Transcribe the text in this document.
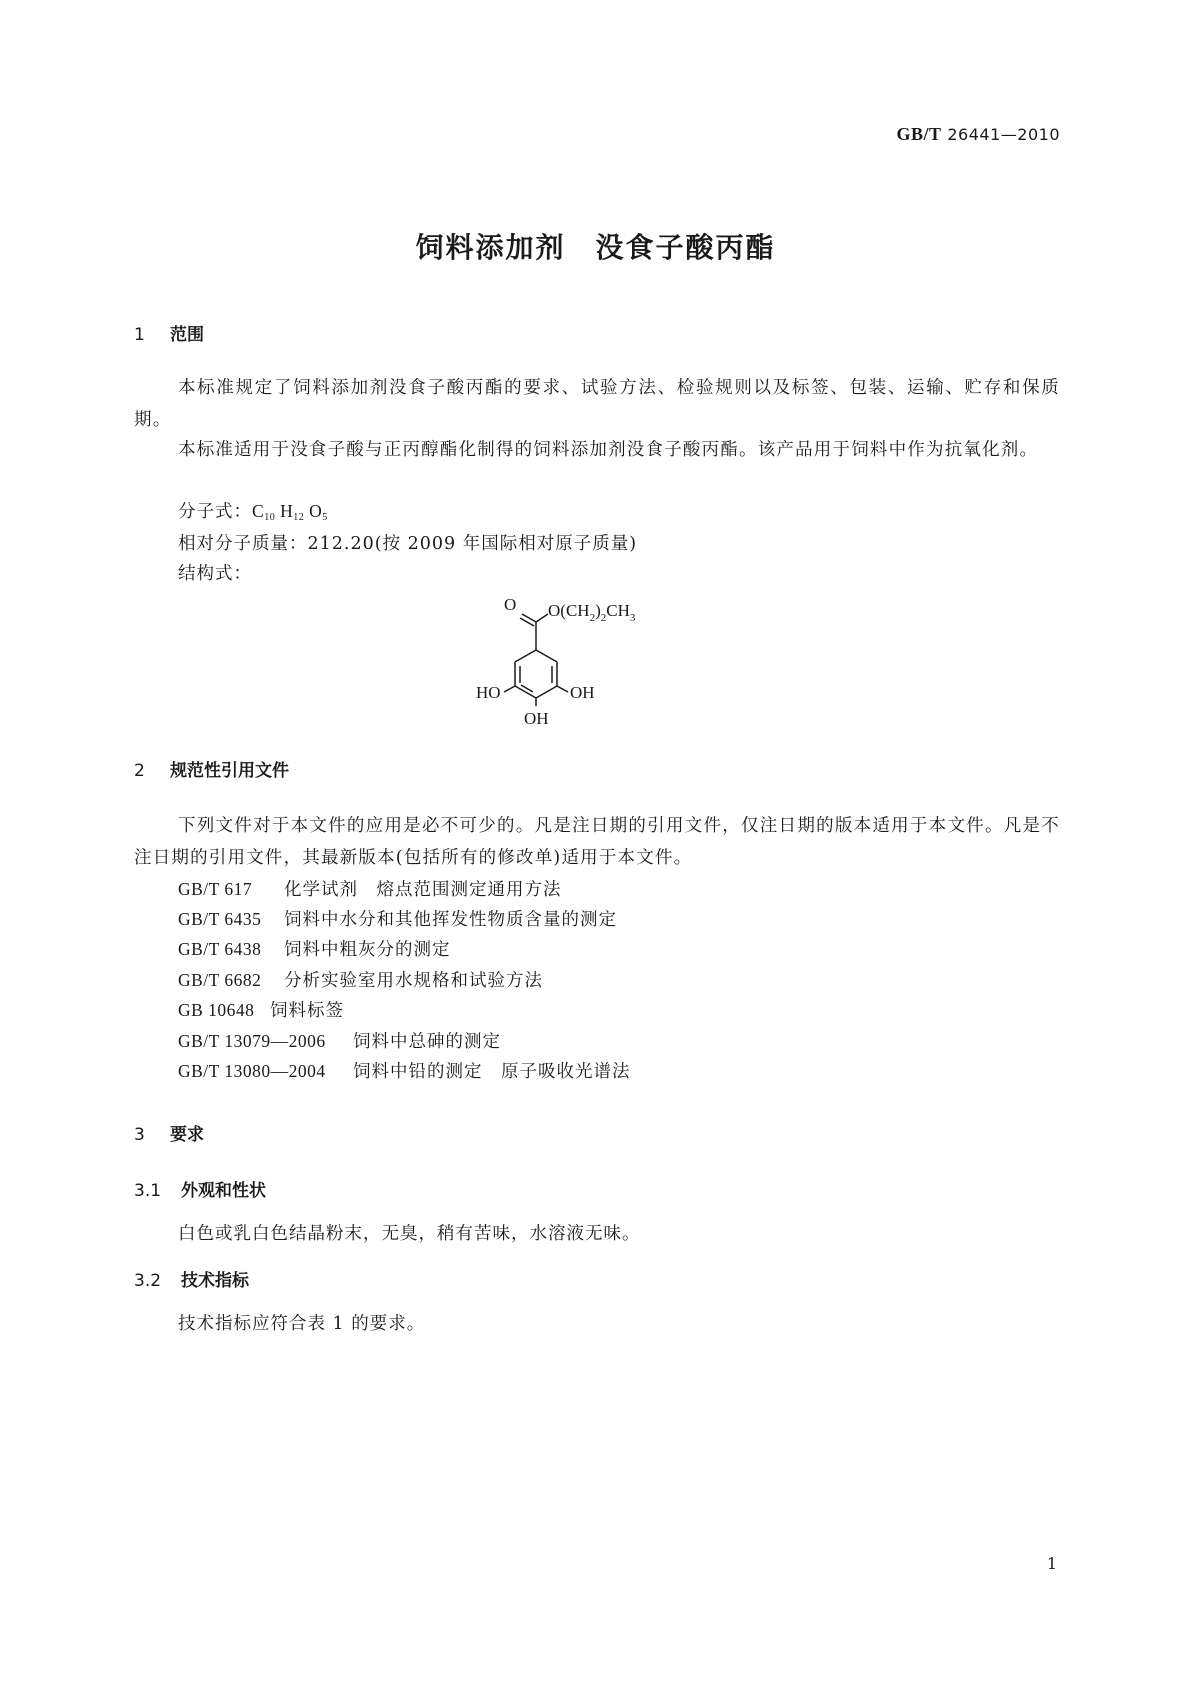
GB/T 26441—2010
饲料添加剂　没食子酸丙酯
1 范围
本标准规定了饲料添加剂没食子酸丙酯的要求、试验方法、检验规则以及标签、包装、运输、贮存和保质期。
本标准适用于没食子酸与正丙醇酯化制得的饲料添加剂没食子酸丙酯。该产品用于饲料中作为抗氧化剂。
分子式：$C_{10}$ $H_{12}$ $O_5$
相对分子质量：212.20(按 2009 年国际相对原子质量)
结构式：
O $O(CH_2)_2CH_3$
HO	OH
OH
2 规范性引用文件
下列文件对于本文件的应用是必不可少的。凡是注日期的引用文件，仅注日期的版本适用于本文件。凡是不注日期的引用文件，其最新版本(包括所有的修改单)适用于本文件。
GB/T 617 化学试剂　熔点范围测定通用方法
GB/T 6435 饲料中水分和其他挥发性物质含量的测定
GB/T 6438 饲料中粗灰分的测定
GB/T 6682 分析实验室用水规格和试验方法
GB 10648 饲料标签
GB/T 13079—2006 饲料中总砷的测定
GB/T 13080—2004 饲料中铅的测定　原子吸收光谱法
3 要求
3.1 外观和性状
白色或乳白色结晶粉末，无臭，稍有苦味，水溶液无味。
3.2 技术指标
技术指标应符合表 1 的要求。
1
